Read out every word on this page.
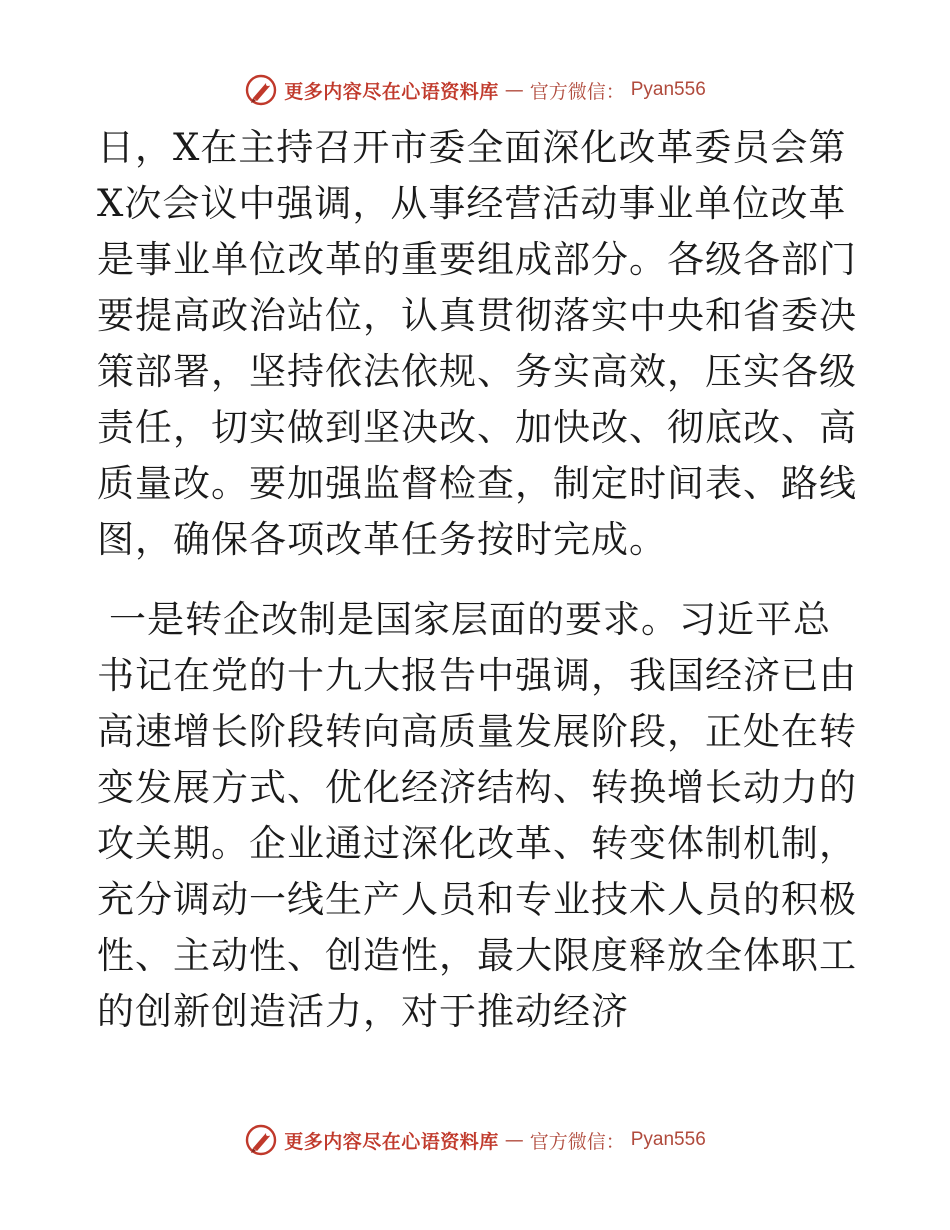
更多内容尽在心语资料库 — 官方微信： Pyan556

日，X在主持召开市委全面深化改革委员会第X次会议中强调，从事经营活动事业单位改革是事业单位改革的重要组成部分。各级各部门要提高政治站位，认真贯彻落实中央和省委决策部署，坚持依法依规、务实高效，压实各级责任，切实做到坚决改、加快改、彻底改、高质量改。要加强监督检查，制定时间表、路线图，确保各项改革任务按时完成。

一是转企改制是国家层面的要求。习近平总书记在党的十九大报告中强调，我国经济已由高速增长阶段转向高质量发展阶段，正处在转变发展方式、优化经济结构、转换增长动力的攻关期。企业通过深化改革、转变体制机制，充分调动一线生产人员和专业技术人员的积极性、主动性、创造性，最大限度释放全体职工的创新创造活力，对于推动经济

更多内容尽在心语资料库 — 官方微信： Pyan556
